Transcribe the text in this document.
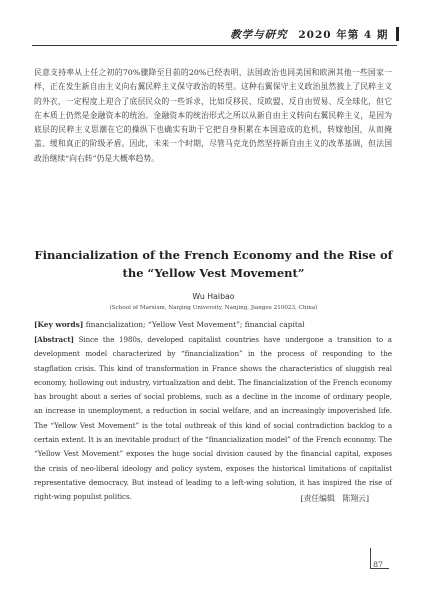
教学与研究 2020 年第 4 期
民意支持率从上任之初的70%骤降至目前的20%已经表明，法国政治也同美国和欧洲其他一些国家一样，正在发生新自由主义向右翼民粹主义保守政治的转型。这种右翼保守主义政治虽然披上了民粹主义的外衣，一定程度上迎合了底层民众的一些诉求，比如反移民、反欧盟、反自由贸易、反全球化，但它在本质上仍然是金融资本的统治。金融资本的统治形式之所以从新自由主义转向右翼民粹主义，是因为底层的民粹主义思潮在它的操纵下也确实有助于它把自身积累在本国造成的危机，转嫁他国，从而掩盖、缓和真正的阶级矛盾。因此，未来一个时期，尽管马克龙仍然坚持新自由主义的改革基调，但法国政治继续“向右转”仍是大概率趋势。
Financialization of the French Economy and the Rise of
the “Yellow Vest Movement”
Wu Haibao
(School of Marxism, Nanjing University, Nanjing, Jiangsu 210023, China)
[Key words] financialization; “Yellow Vest Movement”; financial capital
[Abstract] Since the 1980s, developed capitalist countries have undergone a transition to a development model characterized by “financialization” in the process of responding to the stagflation crisis. This kind of transformation in France shows the characteristics of sluggish real economy, hollowing out industry, virtualization and debt. The financialization of the French economy has brought about a series of social problems, such as a decline in the income of ordinary people, an increase in unemployment, a reduction in social welfare, and an increasingly impoverished life. The “Yellow Vest Movement” is the total outbreak of this kind of social contradiction backlog to a certain extent. It is an inevitable product of the “financialization model” of the French economy. The “Yellow Vest Movement” exposes the huge social division caused by the financial capital, exposes the crisis of neo-liberal ideology and policy system, exposes the historical limitations of capitalist representative democracy. But instead of leading to a left-wing solution, it has inspired the rise of right-wing populist politics.	[责任编辑　陈翔云]
87
